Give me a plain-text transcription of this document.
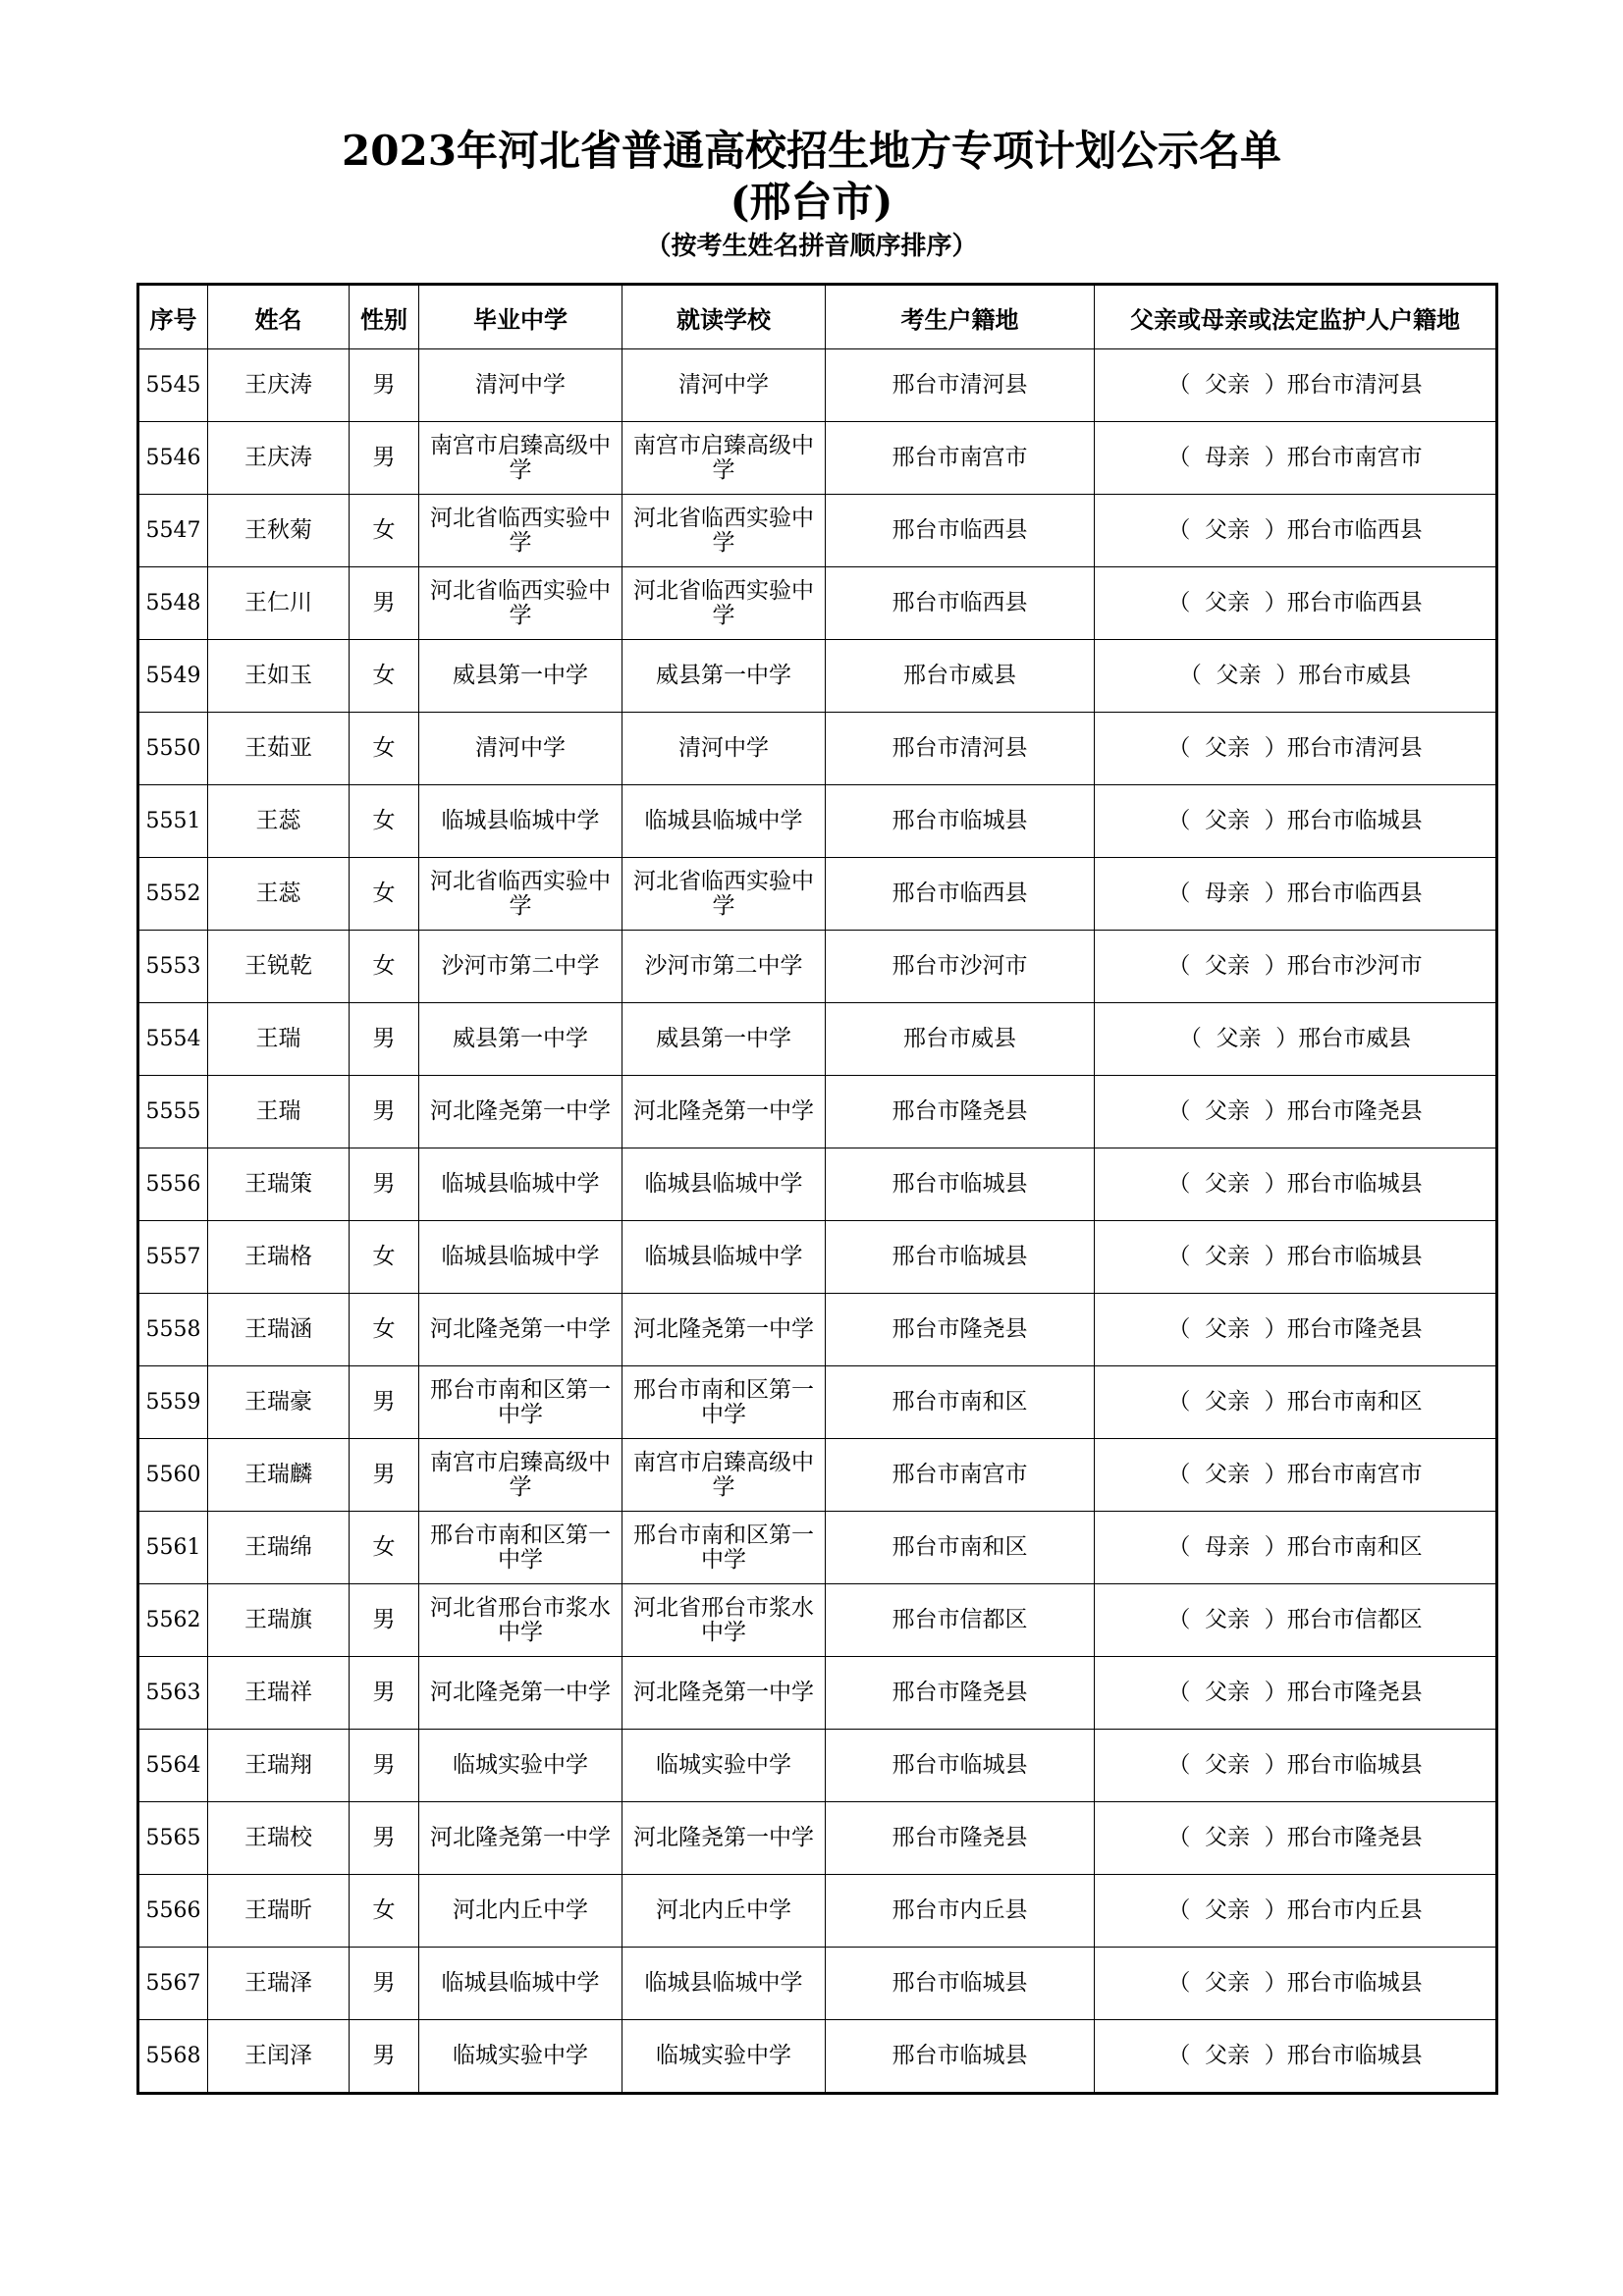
2023年河北省普通高校招生地方专项计划公示名单
(邢台市)
（按考生姓名拼音顺序排序）
序号	姓名	性别	毕业中学	就读学校	考生户籍地	父亲或母亲或法定监护人户籍地
5545	王庆涛	男	清河中学	清河中学	邢台市清河县	（  父亲  ）邢台市清河县
5546	王庆涛	男	南宫市启臻高级中学	南宫市启臻高级中学	邢台市南宫市	（  母亲  ）邢台市南宫市
5547	王秋菊	女	河北省临西实验中学	河北省临西实验中学	邢台市临西县	（  父亲  ）邢台市临西县
5548	王仁川	男	河北省临西实验中学	河北省临西实验中学	邢台市临西县	（  父亲  ）邢台市临西县
5549	王如玉	女	威县第一中学	威县第一中学	邢台市威县	（  父亲  ）邢台市威县
5550	王茹亚	女	清河中学	清河中学	邢台市清河县	（  父亲  ）邢台市清河县
5551	王蕊	女	临城县临城中学	临城县临城中学	邢台市临城县	（  父亲  ）邢台市临城县
5552	王蕊	女	河北省临西实验中学	河北省临西实验中学	邢台市临西县	（  母亲  ）邢台市临西县
5553	王锐乾	女	沙河市第二中学	沙河市第二中学	邢台市沙河市	（  父亲  ）邢台市沙河市
5554	王瑞	男	威县第一中学	威县第一中学	邢台市威县	（  父亲  ）邢台市威县
5555	王瑞	男	河北隆尧第一中学	河北隆尧第一中学	邢台市隆尧县	（  父亲  ）邢台市隆尧县
5556	王瑞策	男	临城县临城中学	临城县临城中学	邢台市临城县	（  父亲  ）邢台市临城县
5557	王瑞格	女	临城县临城中学	临城县临城中学	邢台市临城县	（  父亲  ）邢台市临城县
5558	王瑞涵	女	河北隆尧第一中学	河北隆尧第一中学	邢台市隆尧县	（  父亲  ）邢台市隆尧县
5559	王瑞豪	男	邢台市南和区第一中学	邢台市南和区第一中学	邢台市南和区	（  父亲  ）邢台市南和区
5560	王瑞麟	男	南宫市启臻高级中学	南宫市启臻高级中学	邢台市南宫市	（  父亲  ）邢台市南宫市
5561	王瑞绵	女	邢台市南和区第一中学	邢台市南和区第一中学	邢台市南和区	（  母亲  ）邢台市南和区
5562	王瑞旗	男	河北省邢台市浆水中学	河北省邢台市浆水中学	邢台市信都区	（  父亲  ）邢台市信都区
5563	王瑞祥	男	河北隆尧第一中学	河北隆尧第一中学	邢台市隆尧县	（  父亲  ）邢台市隆尧县
5564	王瑞翔	男	临城实验中学	临城实验中学	邢台市临城县	（  父亲  ）邢台市临城县
5565	王瑞校	男	河北隆尧第一中学	河北隆尧第一中学	邢台市隆尧县	（  父亲  ）邢台市隆尧县
5566	王瑞昕	女	河北内丘中学	河北内丘中学	邢台市内丘县	（  父亲  ）邢台市内丘县
5567	王瑞泽	男	临城县临城中学	临城县临城中学	邢台市临城县	（  父亲  ）邢台市临城县
5568	王闰泽	男	临城实验中学	临城实验中学	邢台市临城县	（  父亲  ）邢台市临城县
